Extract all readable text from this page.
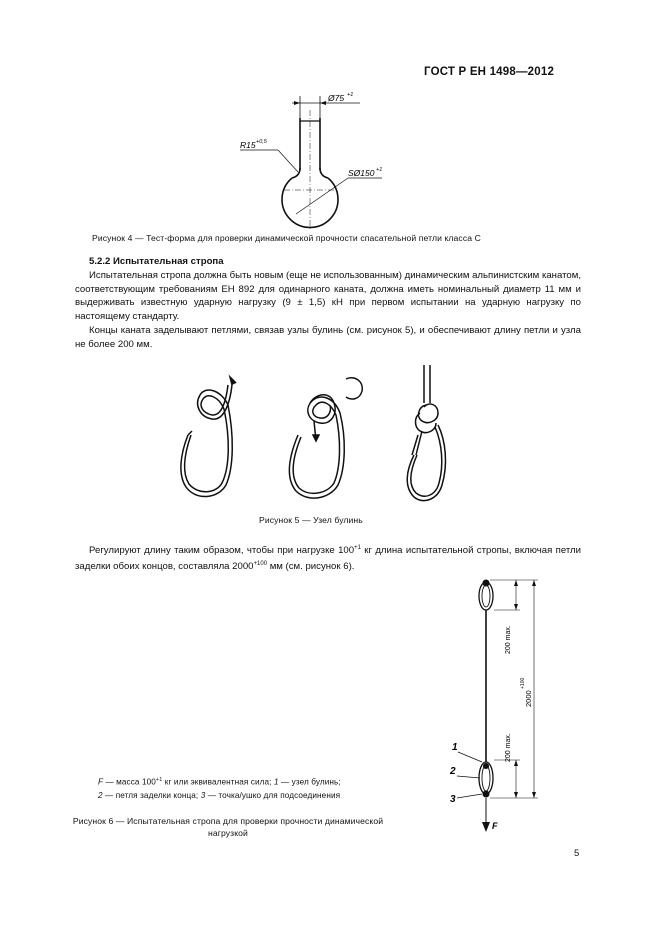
ГОСТ Р ЕН 1498—2012
Ø75 +1
R15 +0,5
SØ150 +1
Рисунок 4 — Тест-форма для проверки динамической прочности спасательной петли класса С
5.2.2 Испытательная стропа
Испытательная стропа должна быть новым (еще не использованным) динамическим альпинистским канатом, соответствующим требованиям ЕН 892 для одинарного каната, должна иметь номинальный диаметр 11 мм и выдерживать известную ударную нагрузку (9 ± 1,5) кН при первом испытании на ударную нагрузку по настоящему стандарту.
Концы каната заделывают петлями, связав узлы булинь (см. рисунок 5), и обеспечивают длину петли и узла не более 200 мм.
Рисунок 5 — Узел булинь
Регулируют длину таким образом, чтобы при нагрузке $100^{+1}$ кг длина испытательной стропы, включая петли заделки обоих концов, составляла $2000^{+100}$ мм (см. рисунок 6).
F
200 max.
200 max.
2000
+100
1
2
3
F — масса $100^{+1}$ кг или эквивалентная сила; 1 — узел булинь;
2 — петля заделки конца; 3 — точка/ушко для подсоединения
Рисунок 6 — Испытательная стропа для проверки прочности динамической
нагрузкой
5
